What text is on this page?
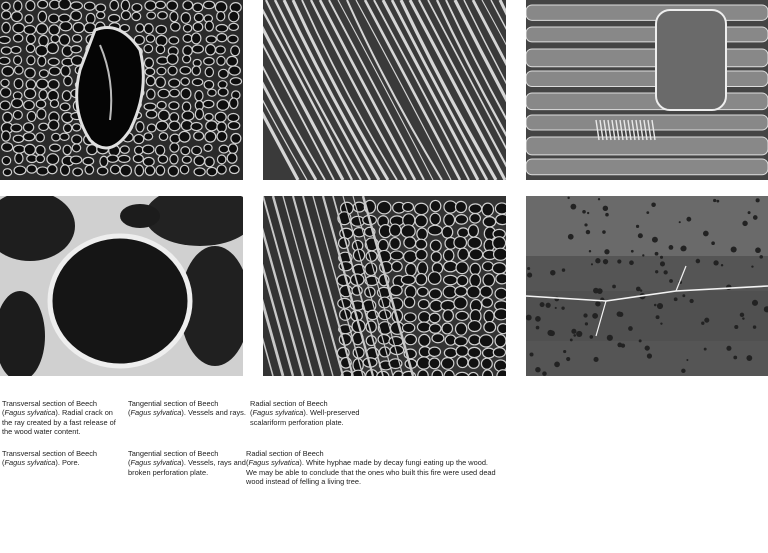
Transversal section of Beech
(Fagus sylvatica). Radial crack on the ray created by a fast release of the wood water content.
Tangential section of Beech
(Fagus sylvatica). Vessels and rays.
Radial section of Beech
(Fagus sylvatica). Well-preserved scalariform perforation plate.
Transversal section of Beech
(Fagus sylvatica). Pore.
Tangential section of Beech
(Fagus sylvatica). Vessels, rays and broken perforation plate.
Radial section of Beech
(Fagus sylvatica). White hyphae made by decay fungi eating up the wood. We may be able to conclude that the ones who built this fire were used dead wood instead of felling a living tree.
